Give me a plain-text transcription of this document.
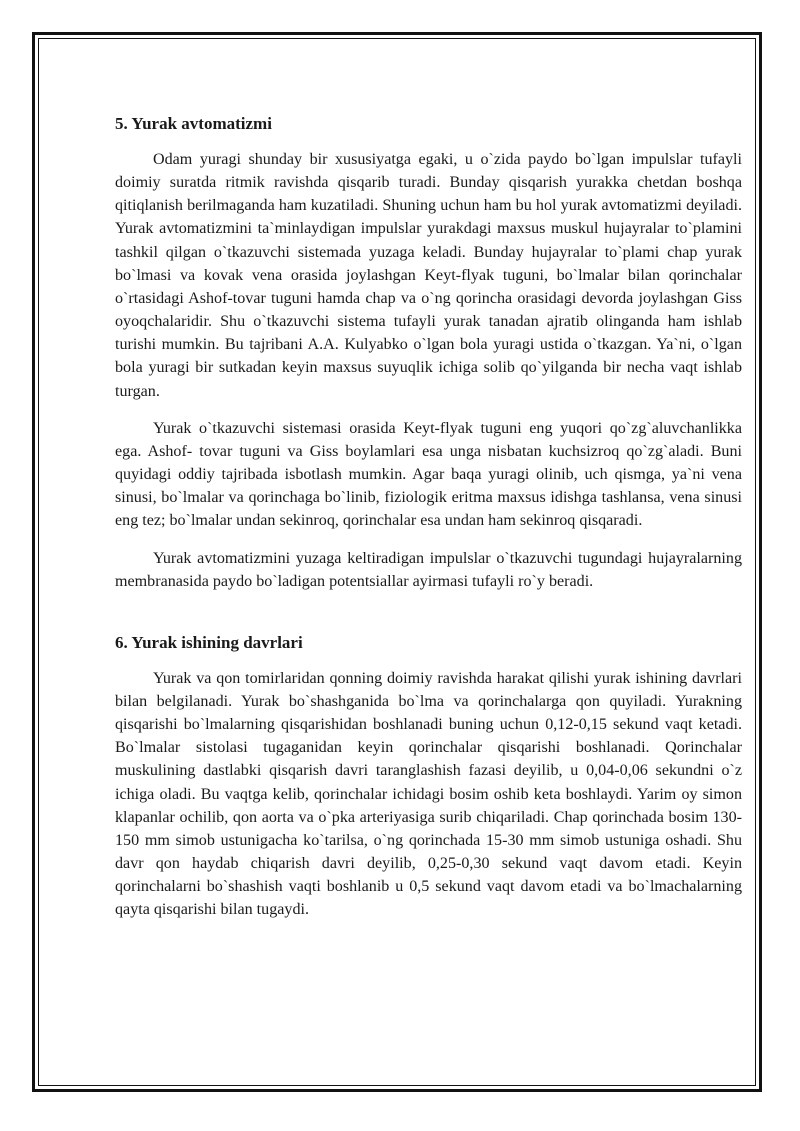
5. Yurak avtomatizmi

Odam yuragi shunday bir xususiyatga egaki, u o`zida paydo bo`lgan impulslar tufayli doimiy suratda ritmik ravishda qisqarib turadi. Bunday qisqarish yurakka chetdan boshqa qitiqlanish berilmaganda ham kuzatiladi. Shuning uchun ham bu hol yurak avtomatizmi deyiladi. Yurak avtomatizmini ta`minlaydigan impulslar yurakdagi maxsus muskul hujayralar to`plamini tashkil qilgan o`tkazuvchi sistemada yuzaga keladi. Bunday hujayralar to`plami chap yurak bo`lmasi va kovak vena orasida joylashgan Keyt-flyak tuguni, bo`lmalar bilan qorinchalar o`rtasidagi Ashof-tovar tuguni hamda chap va o`ng qorincha orasidagi devorda joylashgan Giss oyoqchalaridir. Shu o`tkazuvchi sistema tufayli yurak tanadan ajratib olinganda ham ishlab turishi mumkin. Bu tajribani A.A. Kulyabko o`lgan bola yuragi ustida o`tkazgan. Ya`ni, o`lgan bola yuragi bir sutkadan keyin maxsus suyuqlik ichiga solib qo`yilganda bir necha vaqt ishlab turgan.

Yurak o`tkazuvchi sistemasi orasida Keyt-flyak tuguni eng yuqori qo`zg`aluvchanlikka ega. Ashof- tovar tuguni va Giss boylamlari esa unga nisbatan kuchsizroq qo`zg`aladi. Buni quyidagi oddiy tajribada isbotlash mumkin. Agar baqa yuragi olinib, uch qismga, ya`ni vena sinusi, bo`lmalar va qorinchaga bo`linib, fiziologik eritma maxsus idishga tashlansa, vena sinusi eng tez; bo`lmalar undan sekinroq, qorinchalar esa undan ham sekinroq qisqaradi.

Yurak avtomatizmini yuzaga keltiradigan impulslar o`tkazuvchi tugundagi hujayralarning membranasida paydo bo`ladigan potentsiallar ayirmasi tufayli ro`y beradi.

6. Yurak ishining davrlari

Yurak va qon tomirlaridan qonning doimiy ravishda harakat qilishi yurak ishining davrlari bilan belgilanadi. Yurak bo`shashganida bo`lma va qorinchalarga qon quyiladi. Yurakning qisqarishi bo`lmalarning qisqarishidan boshlanadi buning uchun 0,12-0,15 sekund vaqt ketadi. Bo`lmalar sistolasi tugaganidan keyin qorinchalar qisqarishi boshlanadi. Qorinchalar muskulining dastlabki qisqarish davri taranglashish fazasi deyilib, u 0,04-0,06 sekundni o`z ichiga oladi. Bu vaqtga kelib, qorinchalar ichidagi bosim oshib keta boshlaydi. Yarim oy simon klapanlar ochilib, qon aorta va o`pka arteriyasiga surib chiqariladi. Chap qorinchada bosim 130-150 mm simob ustunigacha ko`tarilsa, o`ng qorinchada 15-30 mm simob ustuniga oshadi. Shu davr qon haydab chiqarish davri deyilib, 0,25-0,30 sekund vaqt davom etadi. Keyin qorinchalarni bo`shashish vaqti boshlanib u 0,5 sekund vaqt davom etadi va bo`lmachalarning qayta qisqarishi bilan tugaydi.
